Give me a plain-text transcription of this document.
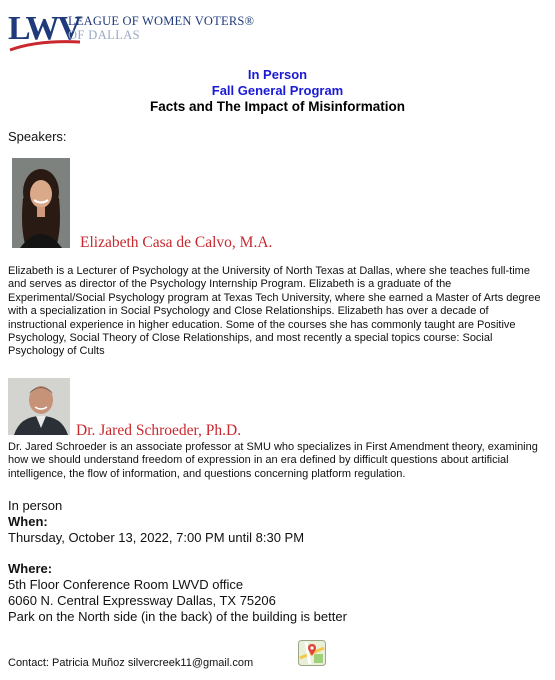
LWV
LEAGUE OF WOMEN VOTERS®
OF DALLAS
In Person
Fall General Program
Facts and The Impact of Misinformation
Speakers:
Elizabeth Casa de Calvo, M.A.
Elizabeth is a Lecturer of Psychology at the University of North Texas at Dallas, where she teaches full-time and serves as director of the Psychology Internship Program. Elizabeth is a graduate of the Experimental/Social Psychology program at Texas Tech University, where she earned a Master of Arts degree with a specialization in Social Psychology and Close Relationships. Elizabeth has over a decade of instructional experience in higher education. Some of the courses she has commonly taught are Positive Psychology, Social Theory of Close Relationships, and most recently a special topics course: Social Psychology of Cults
Dr. Jared Schroeder, Ph.D.
Dr. Jared Schroeder is an associate professor at SMU who specializes in First Amendment theory, examining how we should understand freedom of expression in an era defined by difficult questions about artificial intelligence, the flow of information, and questions concerning platform regulation.
In person
When:
Thursday, October 13, 2022, 7:00 PM until 8:30 PM
Where:
5th Floor Conference Room LWVD office
6060 N. Central Expressway Dallas, TX 75206
Park on the North side (in the back) of the building is better
Contact: Patricia Muñoz silvercreek11@gmail.com
